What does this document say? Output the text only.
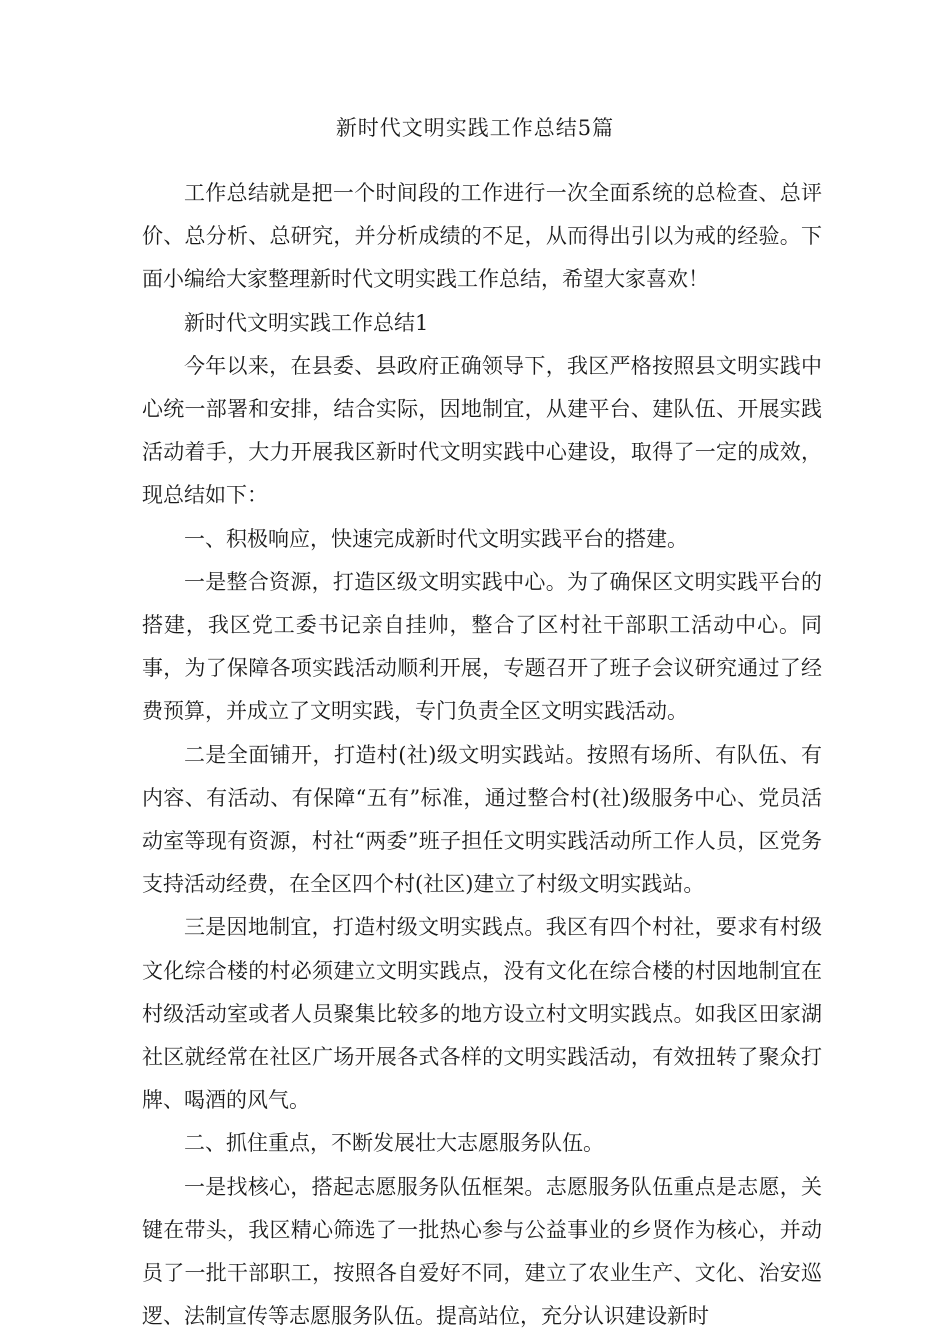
新时代文明实践工作总结5篇

工作总结就是把一个时间段的工作进行一次全面系统的总检查、总评价、总分析、总研究，并分析成绩的不足，从而得出引以为戒的经验。下面小编给大家整理新时代文明实践工作总结，希望大家喜欢！

新时代文明实践工作总结1

今年以来，在县委、县政府正确领导下，我区严格按照县文明实践中心统一部署和安排，结合实际，因地制宜，从建平台、建队伍、开展实践活动着手，大力开展我区新时代文明实践中心建设，取得了一定的成效，现总结如下：

一、积极响应，快速完成新时代文明实践平台的搭建。

一是整合资源，打造区级文明实践中心。为了确保区文明实践平台的搭建，我区党工委书记亲自挂帅，整合了区村社干部职工活动中心。同事，为了保障各项实践活动顺利开展，专题召开了班子会议研究通过了经费预算，并成立了文明实践，专门负责全区文明实践活动。

二是全面铺开，打造村(社)级文明实践站。按照有场所、有队伍、有内容、有活动、有保障“五有”标准，通过整合村(社)级服务中心、党员活动室等现有资源，村社“两委”班子担任文明实践活动所工作人员，区党务支持活动经费，在全区四个村(社区)建立了村级文明实践站。

三是因地制宜，打造村级文明实践点。我区有四个村社，要求有村级文化综合楼的村必须建立文明实践点，没有文化在综合楼的村因地制宜在村级活动室或者人员聚集比较多的地方设立村文明实践点。如我区田家湖社区就经常在社区广场开展各式各样的文明实践活动，有效扭转了聚众打牌、喝酒的风气。

二、抓住重点，不断发展壮大志愿服务队伍。

一是找核心，搭起志愿服务队伍框架。志愿服务队伍重点是志愿，关键在带头，我区精心筛选了一批热心参与公益事业的乡贤作为核心，并动员了一批干部职工，按照各自爱好不同，建立了农业生产、文化、治安巡逻、法制宣传等志愿服务队伍。提高站位，充分认识建设新时
